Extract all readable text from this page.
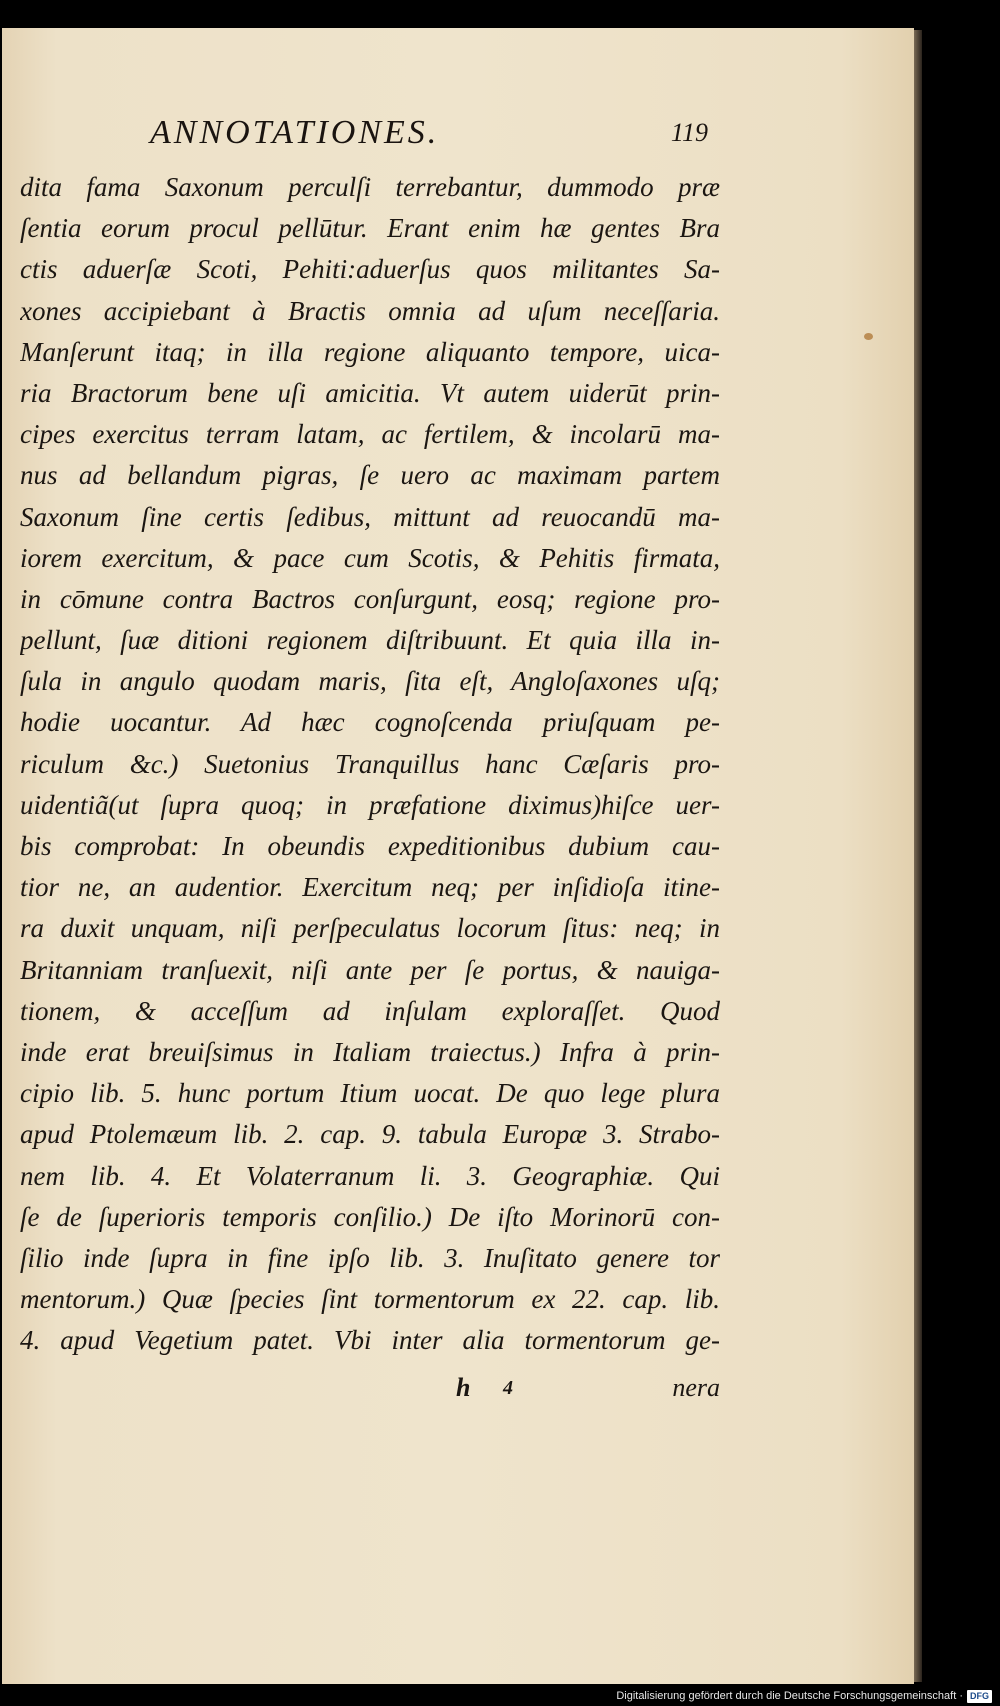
ANNOTATIONES.	119
dita fama Saxonum perculſi terrebantur, dummodo præ
ſentia eorum procul pellūtur. Erant enim hæ gentes Bra
ctis aduerſæ Scoti, Pehiti:aduerſus quos militantes Sa-
xones accipiebant à Bractis omnia ad uſum neceſſaria.
Manſerunt itaq; in illa regione aliquanto tempore, uica-
ria Bractorum bene uſi amicitia. Vt autem uiderūt prin-
cipes exercitus terram latam, ac fertilem, & incolarū ma-
nus ad bellandum pigras, ſe uero ac maximam partem
Saxonum ſine certis ſedibus, mittunt ad reuocandū ma-
iorem exercitum, & pace cum Scotis, & Pehitis firmata,
in cōmune contra Bactros conſurgunt, eosq; regione pro-
pellunt, ſuæ ditioni regionem diſtribuunt. Et quia illa in-
ſula in angulo quodam maris, ſita eſt, Angloſaxones uſq;
hodie uocantur. Ad hæc cognoſcenda priuſquam pe-
riculum &c.) Suetonius Tranquillus hanc Cæſaris pro-
uidentiã(ut ſupra quoq; in præfatione diximus)hiſce uer-
bis comprobat: In obeundis expeditionibus dubium cau-
tior ne, an audentior. Exercitum neq; per inſidioſa itine-
ra duxit unquam, niſi perſpeculatus locorum ſitus: neq; in
Britanniam tranſuexit, niſi ante per ſe portus, & nauiga-
tionem, & acceſſum ad inſulam exploraſſet. Quod
inde erat breuiſsimus in Italiam traiectus.) Infra à prin-
cipio lib. 5. hunc portum Itium uocat. De quo lege plura
apud Ptolemæum lib. 2. cap. 9. tabula Europæ 3. Strabo-
nem lib. 4. Et Volaterranum li. 3. Geographiæ. Qui
ſe de ſuperioris temporis conſilio.) De iſto Morinorū con-
ſilio inde ſupra in fine ipſo lib. 3. Inuſitato genere tor
mentorum.) Quæ ſpecies ſint tormentorum ex 22. cap. lib.
4. apud Vegetium patet. Vbi inter alia tormentorum ge-
h 4	nera
Digitalisierung gefördert durch die Deutsche Forschungsgemeinschaft · DFG
